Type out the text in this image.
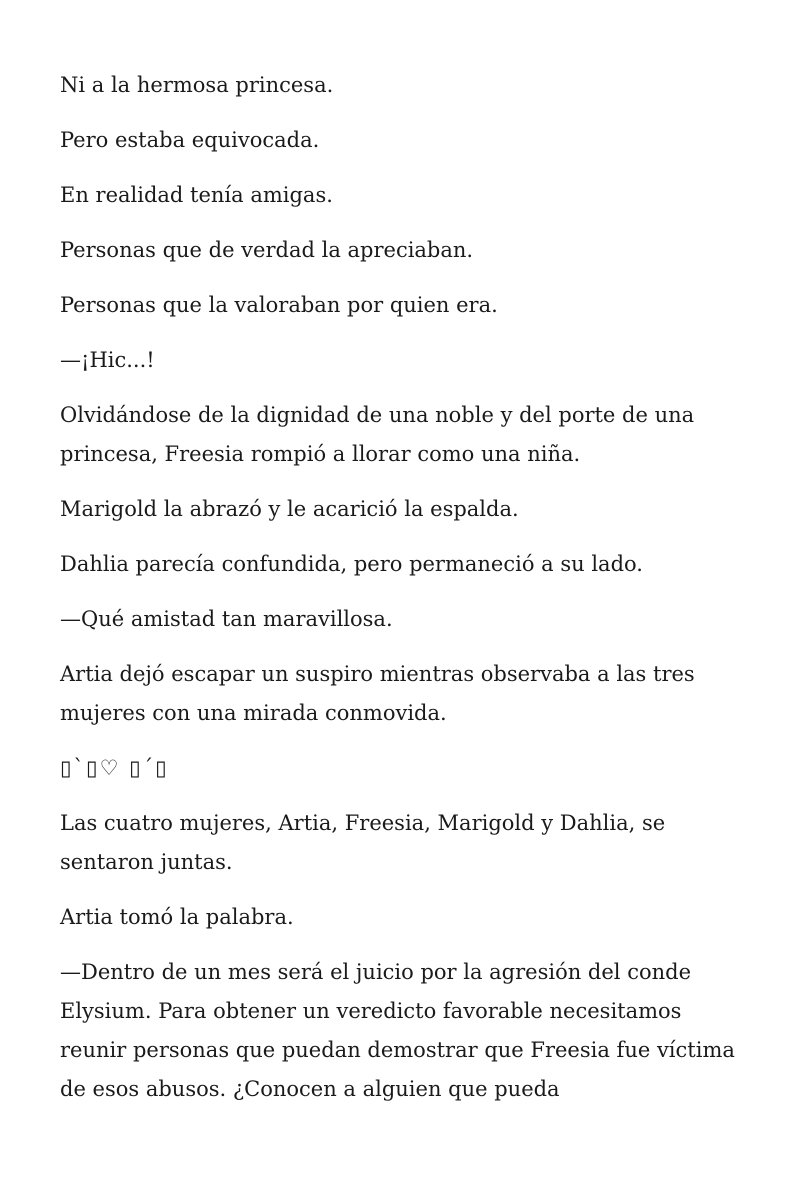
Ni a la hermosa princesa.

Pero estaba equivocada.

En realidad tenía amigas.

Personas que de verdad la apreciaban.

Personas que la valoraban por quien era.

—¡Hic...!

Olvidándose de la dignidad de una noble y del porte de una princesa, Freesia rompió a llorar como una niña.

Marigold la abrazó y le acarició la espalda.

Dahlia parecía confundida, pero permaneció a su lado.

—Qué amistad tan maravillosa.

Artia dejó escapar un suspiro mientras observaba a las tres mujeres con una mirada conmovida.

▯`▯♡ ▯´▯

Las cuatro mujeres, Artia, Freesia, Marigold y Dahlia, se sentaron juntas.

Artia tomó la palabra.

—Dentro de un mes será el juicio por la agresión del conde Elysium. Para obtener un veredicto favorable necesitamos reunir personas que puedan demostrar que Freesia fue víctima de esos abusos. ¿Conocen a alguien que pueda
